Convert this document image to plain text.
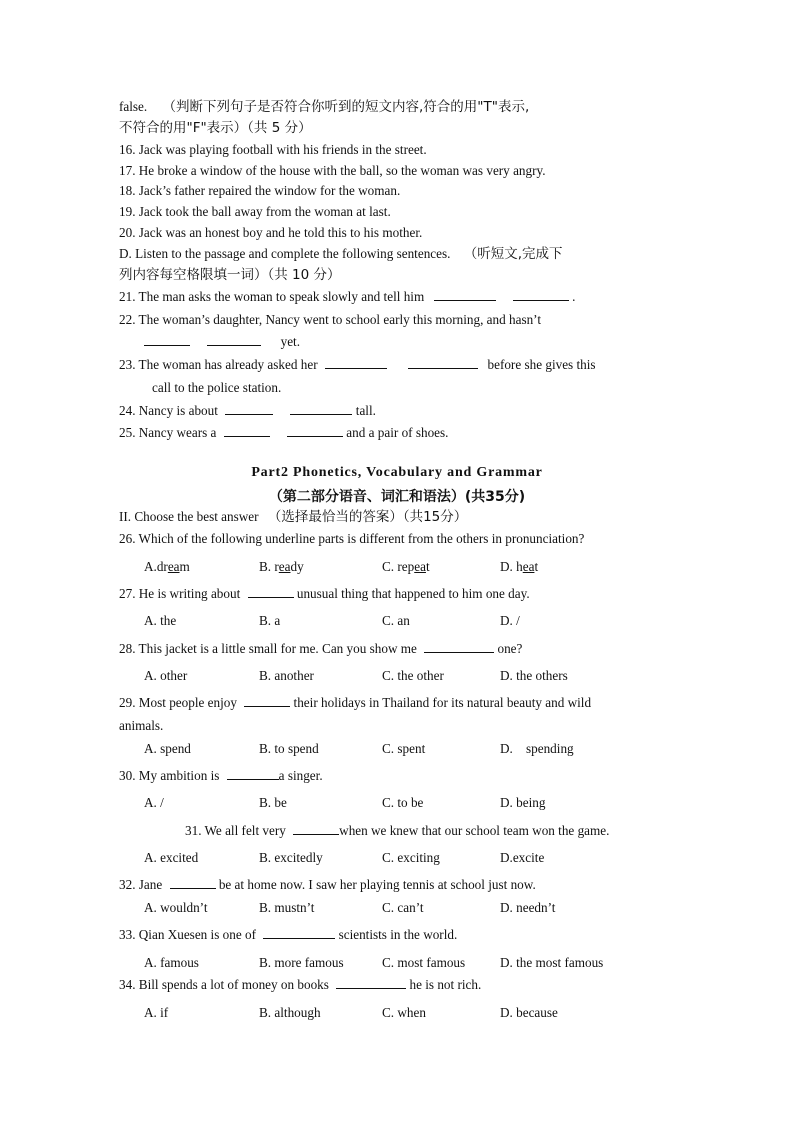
false. （判断下列句子是否符合你听到的短文内容,符合的用"T"表示,
不符合的用"F"表示）（共 5 分）
16. Jack was playing football with his friends in the street.
17. He broke a window of the house with the ball, so the woman was very angry.
18. Jack’s father repaired the window for the woman.
19. Jack took the ball away from the woman at last.
20. Jack was an honest boy and he told this to his mother.
D. Listen to the passage and complete the following sentences. （听短文,完成下
列内容每空格限填一词）（共 10 分）
21. The man asks the woman to speak slowly and tell him	.
22. The woman’s daughter, Nancy went to school early this morning, and hasn’t
yet.
23. The woman has already asked her	before she gives this
call to the police station.
24. Nancy is about	tall.
25. Nancy wears a	and a pair of shoes.
Part2 Phonetics, Vocabulary and Grammar
（第二部分语音、词汇和语法）(共35分)
II. Choose the best answer （选择最恰当的答案）（共15分）
26. Which of the following underline parts is different from the others in pronunciation?
A.dream	B. ready	C. repeat	D. heat
27. He is writing about	unusual thing that happened to him one day.
A. the	B. a	C. an	D. /
28. This jacket is a little small for me. Can you show me	one?
A. other	B. another	C. the other	D. the others
29. Most people enjoy	their holidays in Thailand for its natural beauty and wild
animals.
A. spend	B. to spend	C. spent	D.    spending
30. My ambition is	a singer.
A. /	B. be	C. to be	D. being
31. We all felt very	when we knew that our school team won the game.
A. excited	B. excitedly	C. exciting	D.excite
32. Jane	be at home now. I saw her playing tennis at school just now.
A. wouldn’t	B. mustn’t	C. can’t	D. needn’t
33. Qian Xuesen is one of	scientists in the world.
A. famous	B. more famous	C. most famous	D. the most famous
34. Bill spends a lot of money on books	he is not rich.
A. if	B. although	C. when	D. because
